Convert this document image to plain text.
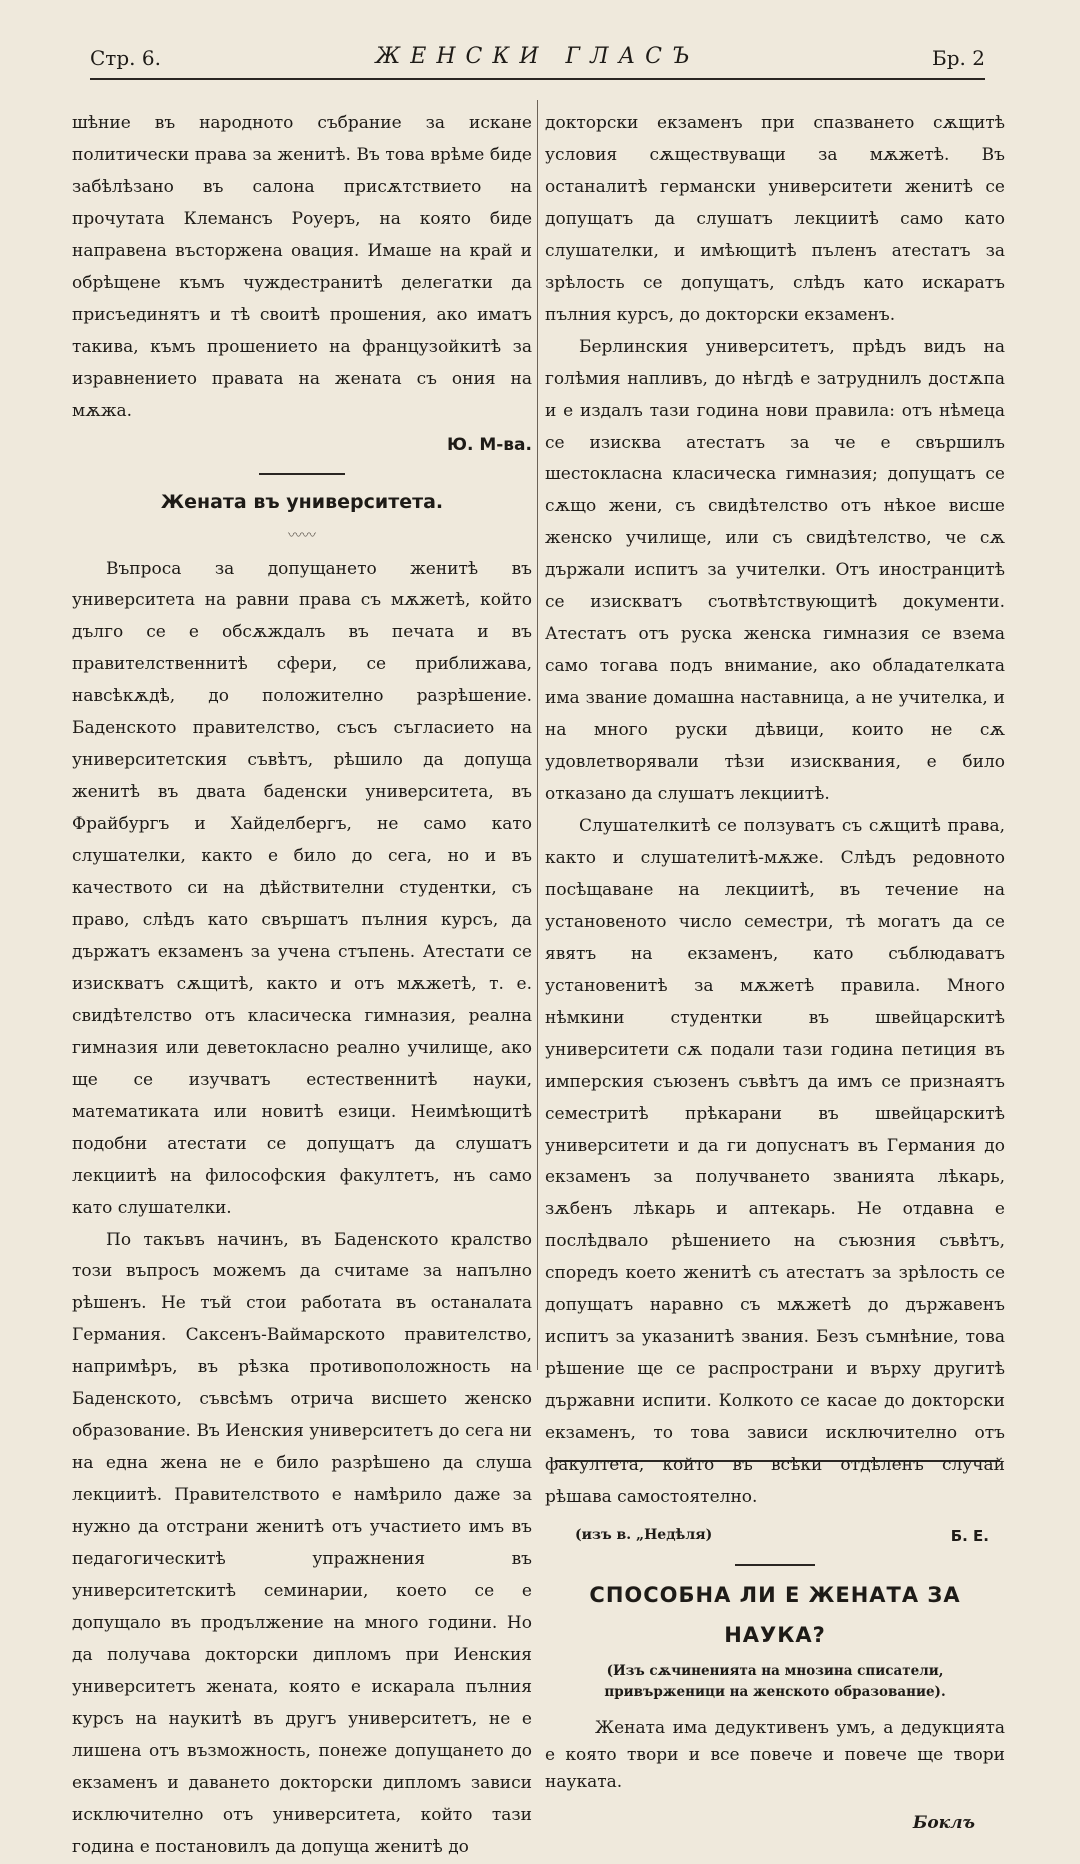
Стр. 6.	ЖЕНСКИ ГЛАСЪ	Бр. 2

шѣние въ народното събрание за искане политически права за женитѣ. Въ това врѣме биде забѣлѣзано въ салона присѫтствието на прочутата Клемансъ Роуеръ, на която биде направена въсторжена овация. Имаше на край и обрѣщене къмъ чуждестранитѣ делегатки да присъединятъ и тѣ своитѣ прошения, ако иматъ такива, къмъ прошението на французойкитѣ за изравнението правата на жената съ ония на мѫжа.

Ю. М-ва.

Жената въ университета.
〰〰

Въпроса за допущането женитѣ въ университета на равни права съ мѫжетѣ, който дълго се е обсѫждалъ въ печата и въ правителственнитѣ сфери, се приближава, навсѣкѫдѣ, до положително разрѣшение. Баденското правителство, съсъ съгласието на университетския съвѣтъ, рѣшило да допуща женитѣ въ двата баденски университета, въ Фрайбургъ и Хайделбергъ, не само като слушателки, както е било до сега, но и въ качеството си на дѣйствителни студентки, съ право, слѣдъ като свършатъ пълния курсъ, да държатъ екзаменъ за учена стъпень. Атестати се изискватъ сѫщитѣ, както и отъ мѫжетѣ, т. е. свидѣтелство отъ класическа гимназия, реална гимназия или деветокласно реално училище, ако ще се изучватъ естественнитѣ науки, математиката или новитѣ езици. Неимѣющитѣ подобни атестати се допущатъ да слушатъ лекциитѣ на философския факултетъ, нъ само като слушателки.

По такъвъ начинъ, въ Баденското кралство този въпросъ можемъ да считаме за напълно рѣшенъ. Не тъй стои работата въ останалата Германия. Саксенъ-Ваймарското правителство, напримѣръ, въ рѣзка противоположность на Баденското, съвсѣмъ отрича висшето женско образование. Въ Иенския университетъ до сега ни на една жена не е било разрѣшено да слуша лекциитѣ. Правителството е намѣрило даже за нужно да отстрани женитѣ отъ участието имъ въ педагогическитѣ упражнения въ университетскитѣ семинарии, което се е допущало въ продължение на много години. Но да получава докторски дипломъ при Иенския университетъ жената, която е искарала пълния курсъ на наукитѣ въ другъ университетъ, не е лишена отъ възможность, понеже допущането до екзаменъ и даването докторски дипломъ зависи исключително отъ университета, който тази година е постановилъ да допуща женитѣ до

докторски екзаменъ при спазването сѫщитѣ условия сѫществуващи за мѫжетѣ. Въ останалитѣ германски университети женитѣ се допущатъ да слушатъ лекциитѣ само като слушателки, и имѣющитѣ пъленъ атестатъ за зрѣлость се допущатъ, слѣдъ като искаратъ пълния курсъ, до докторски екзаменъ.

Берлинския университетъ, прѣдъ видъ на голѣмия напливъ, до нѣгдѣ е затруднилъ достѫпа и е издалъ тази година нови правила: отъ нѣмеца се изисква атестатъ за че е свършилъ шестокласна класическа гимназия; допущатъ се сѫщо жени, съ свидѣтелство отъ нѣкое висше женско училище, или съ свидѣтелство, че сѫ държали испитъ за учителки. Отъ иностранцитѣ се изискватъ съотвѣтствующитѣ документи. Атестатъ отъ руска женска гимназия се взема само тогава подъ внимание, ако обладателката има звание домашна наставница, а не учителка, и на много руски дѣвици, които не сѫ удовлетворявали тѣзи изисквания, е било отказано да слушатъ лекциитѣ.

Слушателкитѣ се ползуватъ съ сѫщитѣ права, както и слушателитѣ-мѫже. Слѣдъ редовното посѣщаване на лекциитѣ, въ течение на установеното число семестри, тѣ могатъ да се явятъ на екзаменъ, като съблюдаватъ установенитѣ за мѫжетѣ правила. Много нѣмкини студентки въ швейцарскитѣ университети сѫ подали тази година петиция въ имперския съюзенъ съвѣтъ да имъ се признаятъ семестритѣ прѣкарани въ швейцарскитѣ университети и да ги допуснатъ въ Германия до екзаменъ за получването званията лѣкарь, зѫбенъ лѣкарь и аптекарь. Не отдавна е послѣдвало рѣшението на съюзния съвѣтъ, споредъ което женитѣ съ атестатъ за зрѣлость се допущатъ наравно съ мѫжетѣ до държавенъ испитъ за указанитѣ звания. Безъ съмнѣние, това рѣшение ще се распространи и върху другитѣ държавни испити. Колкото се касае до докторски екзаменъ, то това зависи исключително отъ факултета, който въ всѣки отдѣленъ случай рѣшава самостоятелно.

(изъ в. „Недѣля)	Б. Е.
СПОСОБНА ЛИ Е ЖЕНАТА ЗА НАУКА?
(Изъ сѫчиненията на мнозина списатели, привърженици на женското образование).

Жената има дедуктивенъ умъ, а дедукцията е която твори и все повече и повече ще твори науката.

Боклъ
